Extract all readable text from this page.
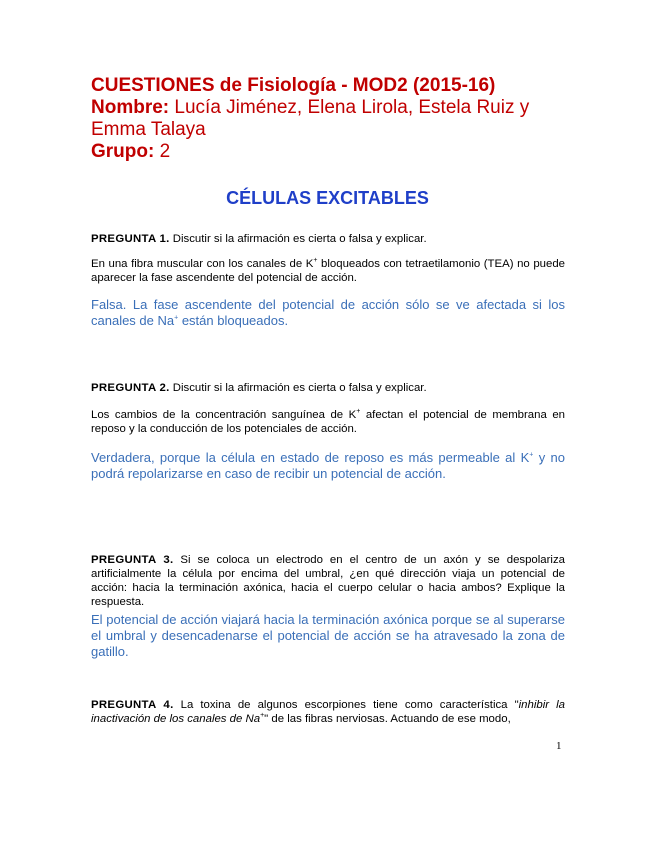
CUESTIONES de Fisiología - MOD2 (2015-16)
Nombre: Lucía Jiménez, Elena Lirola, Estela Ruiz y Emma Talaya
Grupo: 2
CÉLULAS EXCITABLES
PREGUNTA 1. Discutir si la afirmación es cierta o falsa y explicar.
En una fibra muscular con los canales de K+ bloqueados con tetraetilamonio (TEA) no puede aparecer la fase ascendente del potencial de acción.
Falsa. La fase ascendente del potencial de acción sólo se ve afectada si los canales de Na+ están bloqueados.
PREGUNTA 2. Discutir si la afirmación es cierta o falsa y explicar.
Los cambios de la concentración sanguínea de K+ afectan el potencial de membrana en reposo y la conducción de los potenciales de acción.
Verdadera, porque la célula en estado de reposo es más permeable al K+ y no podrá repolarizarse en caso de recibir un potencial de acción.
PREGUNTA 3. Si se coloca un electrodo en el centro de un axón y se despolariza artificialmente la célula por encima del umbral, ¿en qué dirección viaja un potencial de acción: hacia la terminación axónica, hacia el cuerpo celular o hacia ambos? Explique la respuesta.
El potencial de acción viajará hacia la terminación axónica porque se al superarse el umbral y desencadenarse el potencial de acción se ha atravesado la zona de gatillo.
PREGUNTA 4. La toxina de algunos escorpiones tiene como característica "inhibir la inactivación de los canales de Na+" de las fibras nerviosas. Actuando de ese modo,
1
